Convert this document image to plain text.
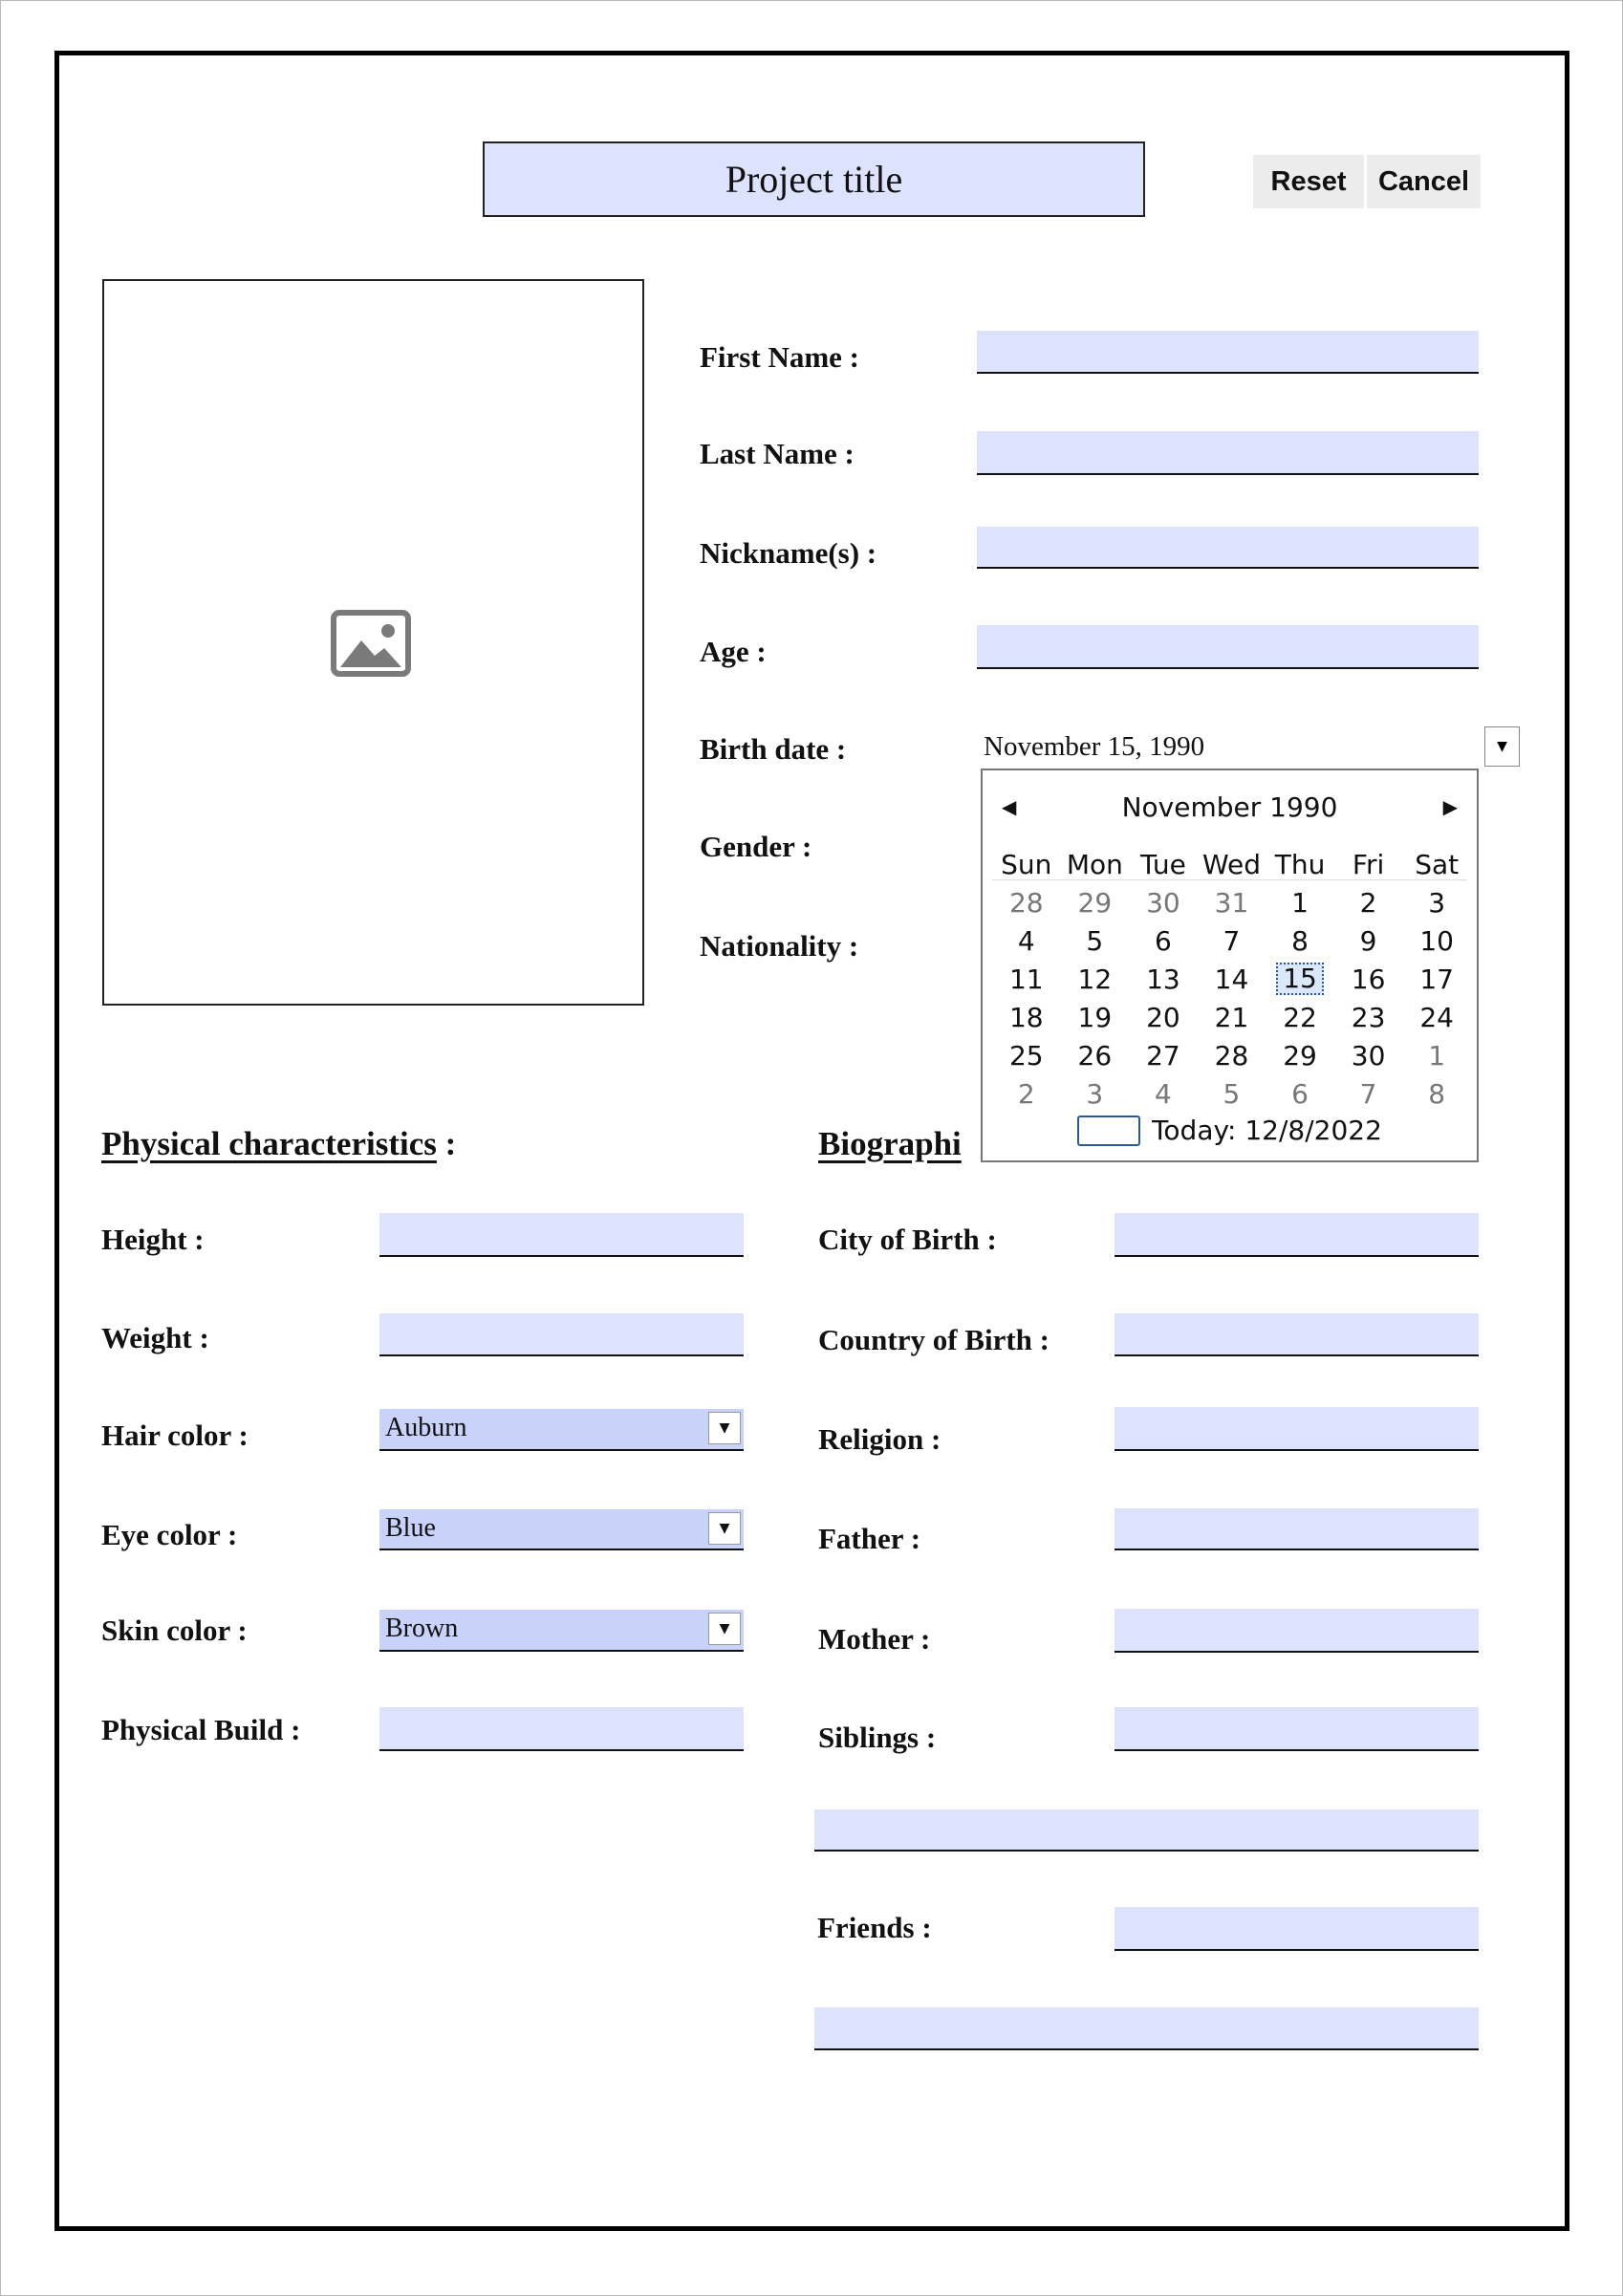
Project title	Reset	Cancel
First Name :
Last Name :
Nickname(s) :
Age :
Birth date :	November 15, 1990	▼
Gender :
Nationality :
Physical characteristics :
Height :
Weight :
Hair color :	Auburn	▼
Eye color :	Blue	▼
Skin color :	Brown	▼
Physical Build :
Biographi
City of Birth :
Country of Birth :
Religion :
Father :
Mother :
Siblings :
Friends :
◀	November 1990	▶
Sun Mon Tue Wed Thu	Fri	Sat
28	29	30	31	1	2	3
4	5	6	7	8	9	10
11	12	13	14	15	16	17
18	19	20	21	22	23	24
25	26	27	28	29	30	1
2	3	4	5	6	7	8
Today: 12/8/2022
